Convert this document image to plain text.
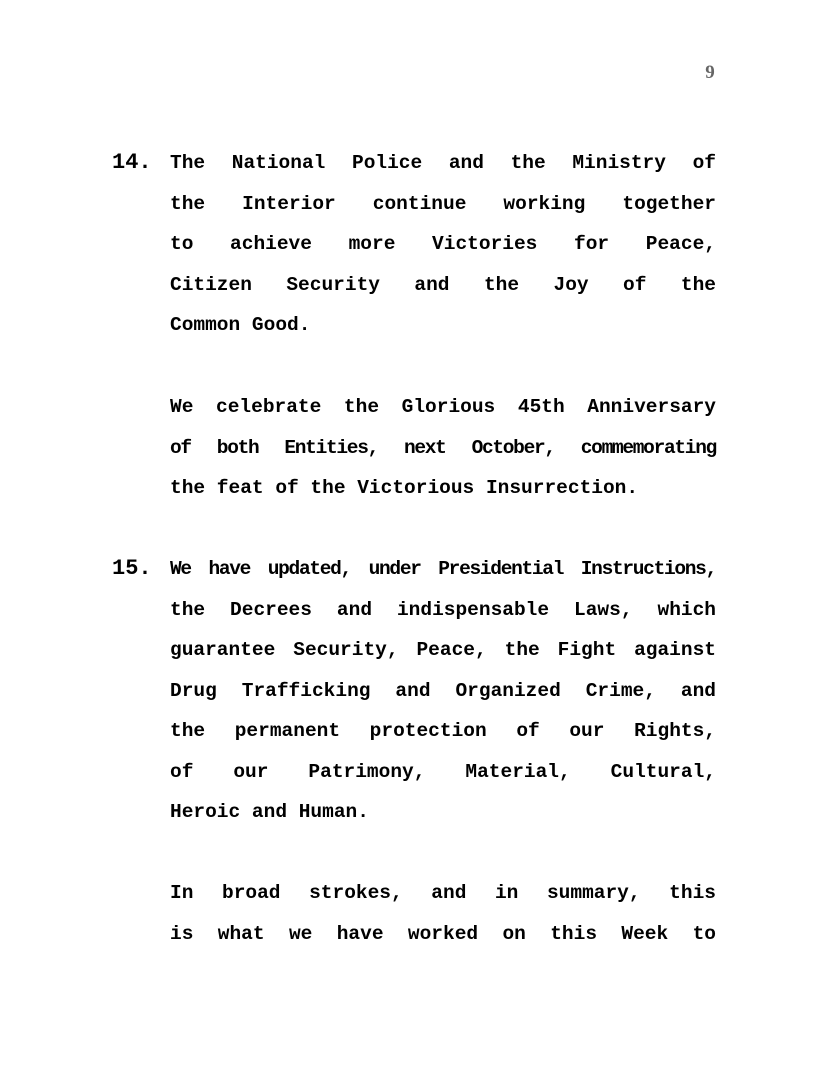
9
14. The National Police and the Ministry of
the Interior continue working together
to achieve more Victories for Peace,
Citizen Security and the Joy of the
Common Good.

We celebrate the Glorious 45th Anniversary
of both Entities, next October, commemorating
the feat of the Victorious Insurrection.

15. We have updated, under Presidential Instructions,
the Decrees and indispensable Laws, which
guarantee Security, Peace, the Fight against
Drug Trafficking and Organized Crime, and
the permanent protection of our Rights,
of our Patrimony, Material, Cultural,
Heroic and Human.

In broad strokes, and in summary, this
is what we have worked on this Week to
